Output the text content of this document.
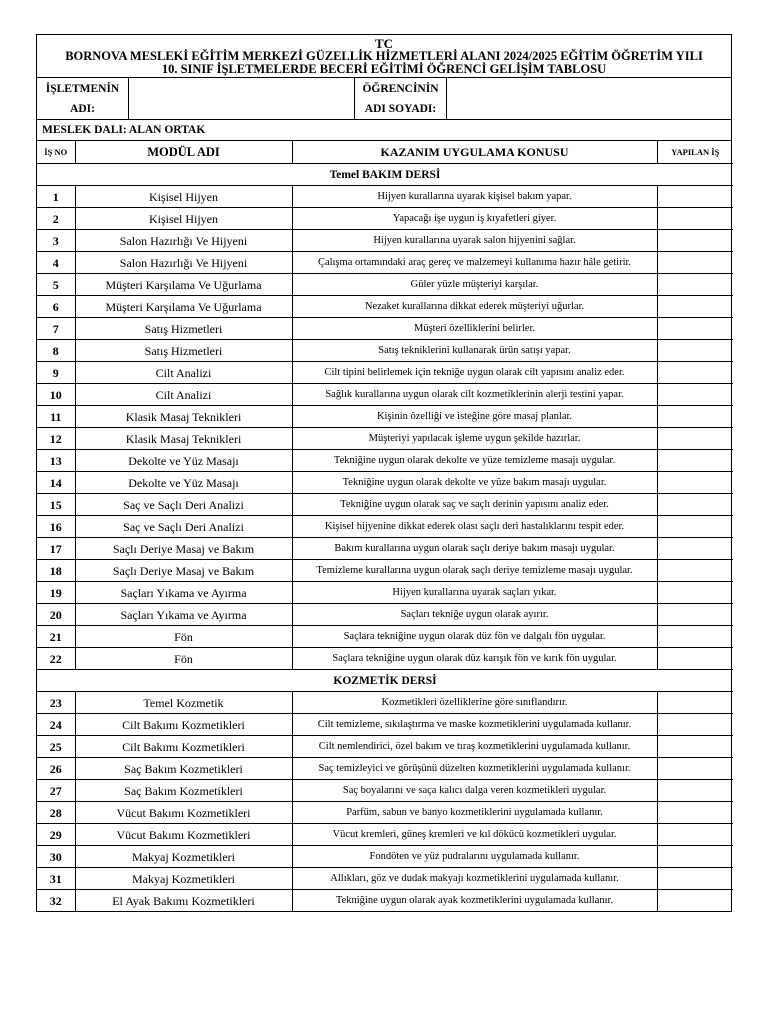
TC
BORNOVA MESLEKİ EĞİTİM MERKEZİ GÜZELLİK HİZMETLERİ ALANI 2024/2025 EĞİTİM ÖĞRETİM YILI
10. SINIF İŞLETMELERDE BECERİ EĞİTİMİ ÖĞRENCİ GELİŞİM TABLOSU
İŞLETMENİN
ADI:
ÖĞRENCİNİN
ADI SOYADI:
MESLEK DALI: ALAN ORTAK
İŞ NO	MODÜL ADI	KAZANIM UYGULAMA KONUSU	YAPILAN İŞ
Temel BAKIM DERSİ			
1	Kişisel Hijyen	Hijyen kurallarına uyarak kişisel bakım yapar.	
2	Kişisel Hijyen	Yapacağı işe uygun iş kıyafetleri giyer.	
3	Salon Hazırlığı Ve Hijyeni	Hijyen kurallarına uyarak salon hijyenini sağlar.	
4	Salon Hazırlığı Ve Hijyeni	Çalışma ortamındaki araç gereç ve malzemeyi kullanıma hazır hâle getirir.	
5	Müşteri Karşılama Ve Uğurlama	Güler yüzle müşteriyi karşılar.	
6	Müşteri Karşılama Ve Uğurlama	Nezaket kurallarına dikkat ederek müşteriyi uğurlar.	
7	Satış Hizmetleri	Müşteri özelliklerini belirler.	
8	Satış Hizmetleri	Satış tekniklerini kullanarak ürün satışı yapar.	
9	Cilt Analizi	Cilt tipini belirlemek için tekniğe uygun olarak cilt yapısını analiz eder.	
10	Cilt Analizi	Sağlık kurallarına uygun olarak cilt kozmetiklerinin alerji testini yapar.	
11	Klasik Masaj Teknikleri	Kişinin özelliği ve isteğine göre masaj planlar.	
12	Klasik Masaj Teknikleri	Müşteriyi yapılacak işleme uygun şekilde hazırlar.	
13	Dekolte ve Yüz Masajı	Tekniğine uygun olarak dekolte ve yüze temizleme masajı uygular.	
14	Dekolte ve Yüz Masajı	Tekniğine uygun olarak dekolte ve yüze bakım masajı uygular.	
15	Saç ve Saçlı Deri Analizi	Tekniğine uygun olarak saç ve saçlı derinin yapısını analiz eder.	
16	Saç ve Saçlı Deri Analizi	Kişisel hijyenine dikkat ederek olası saçlı deri hastalıklarını tespit eder.	
17	Saçlı Deriye Masaj ve Bakım	Bakım kurallarına uygun olarak saçlı deriye bakım masajı uygular.	
18	Saçlı Deriye Masaj ve Bakım	Temizleme kurallarına uygun olarak saçlı deriye temizleme masajı uygular.	
19	Saçları Yıkama ve Ayırma	Hijyen kurallarına uyarak saçları yıkar.	
20	Saçları Yıkama ve Ayırma	Saçları tekniğe uygun olarak ayırır.	
21	Fön	Saçlara tekniğine uygun olarak düz fön ve dalgalı fön uygular.	
22	Fön	Saçlara tekniğine uygun olarak düz karışık fön ve kırık fön uygular.	
KOZMETİK DERSİ			
23	Temel Kozmetik	Kozmetikleri özelliklerine göre sınıflandırır.	
24	Cilt Bakımı Kozmetikleri	Cilt temizleme, sıkılaştırma ve maske kozmetiklerini uygulamada kullanır.	
25	Cilt Bakımı Kozmetikleri	Cilt nemlendirici, özel bakım ve tıraş kozmetiklerini uygulamada kullanır.	
26	Saç Bakım Kozmetikleri	Saç temizleyici ve görüşünü düzelten kozmetiklerini uygulamada kullanır.	
27	Saç Bakım Kozmetikleri	Saç boyalarını ve saça kalıcı dalga veren kozmetikleri uygular.	
28	Vücut Bakımı Kozmetikleri	Parfüm, sabun ve banyo kozmetiklerini uygulamada kullanır.	
29	Vücut Bakımı Kozmetikleri	Vücut kremleri, güneş kremleri ve kıl dökücü kozmetikleri uygular.	
30	Makyaj Kozmetikleri	Fondöten ve yüz pudralarını uygulamada kullanır.	
31	Makyaj Kozmetikleri	Allıkları, göz ve dudak makyajı kozmetiklerini uygulamada kullanır.	
32	El Ayak Bakımı Kozmetikleri	Tekniğine uygun olarak ayak kozmetiklerini uygulamada kullanır.	
